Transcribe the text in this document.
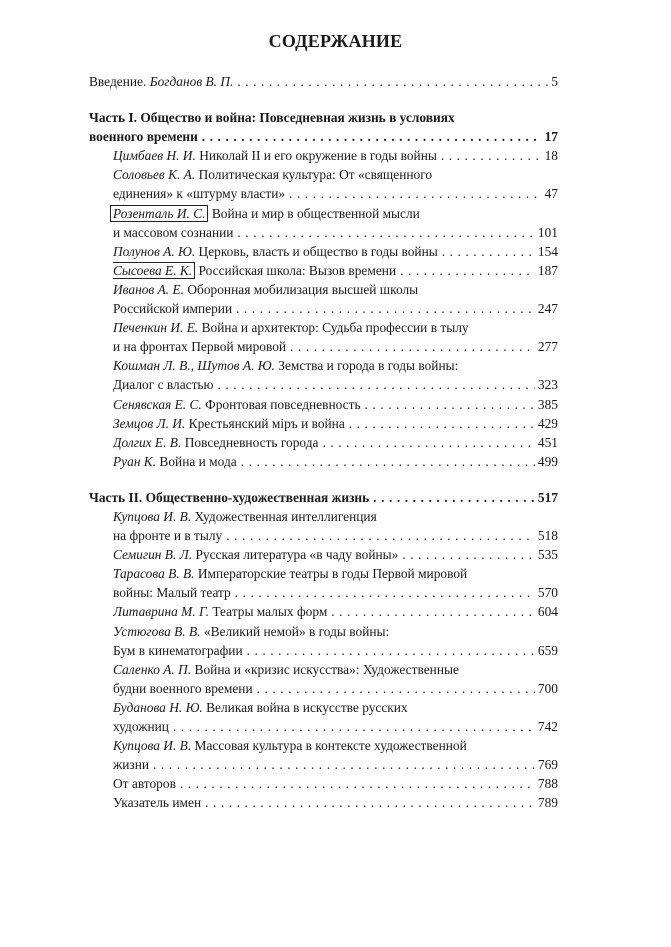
СОДЕРЖАНИЕ
Введение. Богданов В. П. . . .	5
Часть I. Общество и война: Повседневная жизнь в условиях
военного времени . . .	17
Цимбаев Н. И. Николай II и его окружение в годы войны . . .	18
Соловьев К. А. Политическая культура: От «священного
единения» к «штурму власти» . . .	47
Розенталь И. С. Война и мир в общественной мысли
и массовом сознании . . .	101
Полунов А. Ю. Церковь, власть и общество в годы войны . . .	154
Сысоева Е. К. Российская школа: Вызов времени . . .	187
Иванов А. Е. Оборонная мобилизация высшей школы
Российской империи . . .	247
Печенкин И. Е. Война и архитектор: Судьба профессии в тылу
и на фронтах Первой мировой . . .	277
Кошман Л. В., Шутов А. Ю. Земства и города в годы войны:
Диалог с властью . . .	323
Сенявская Е. С. Фронтовая повседневность . . .	385
Земцов Л. И. Крестьянский міръ и война . . .	429
Долгих Е. В. Повседневность города . . .	451
Руан К. Война и мода . . .	499
Часть II. Общественно-художественная жизнь . . .	517
Купцова И. В. Художественная интеллигенция
на фронте и в тылу . . .	518
Семигин В. Л. Русская литература «в чаду войны» . . .	535
Тарасова В. В. Императорские театры в годы Первой мировой
войны: Малый театр . . .	570
Литаврина М. Г. Театры малых форм . . .	604
Устюгова В. В. «Великий немой» в годы войны:
Бум в кинематографии . . .	659
Саленко А. П. Война и «кризис искусства»: Художественные
будни военного времени . . .	700
Буданова Н. Ю. Великая война в искусстве русских
художниц . . .	742
Купцова И. В. Массовая культура в контексте художественной
жизни . . .	769
От авторов . . .	788
Указатель имен . . .	789
